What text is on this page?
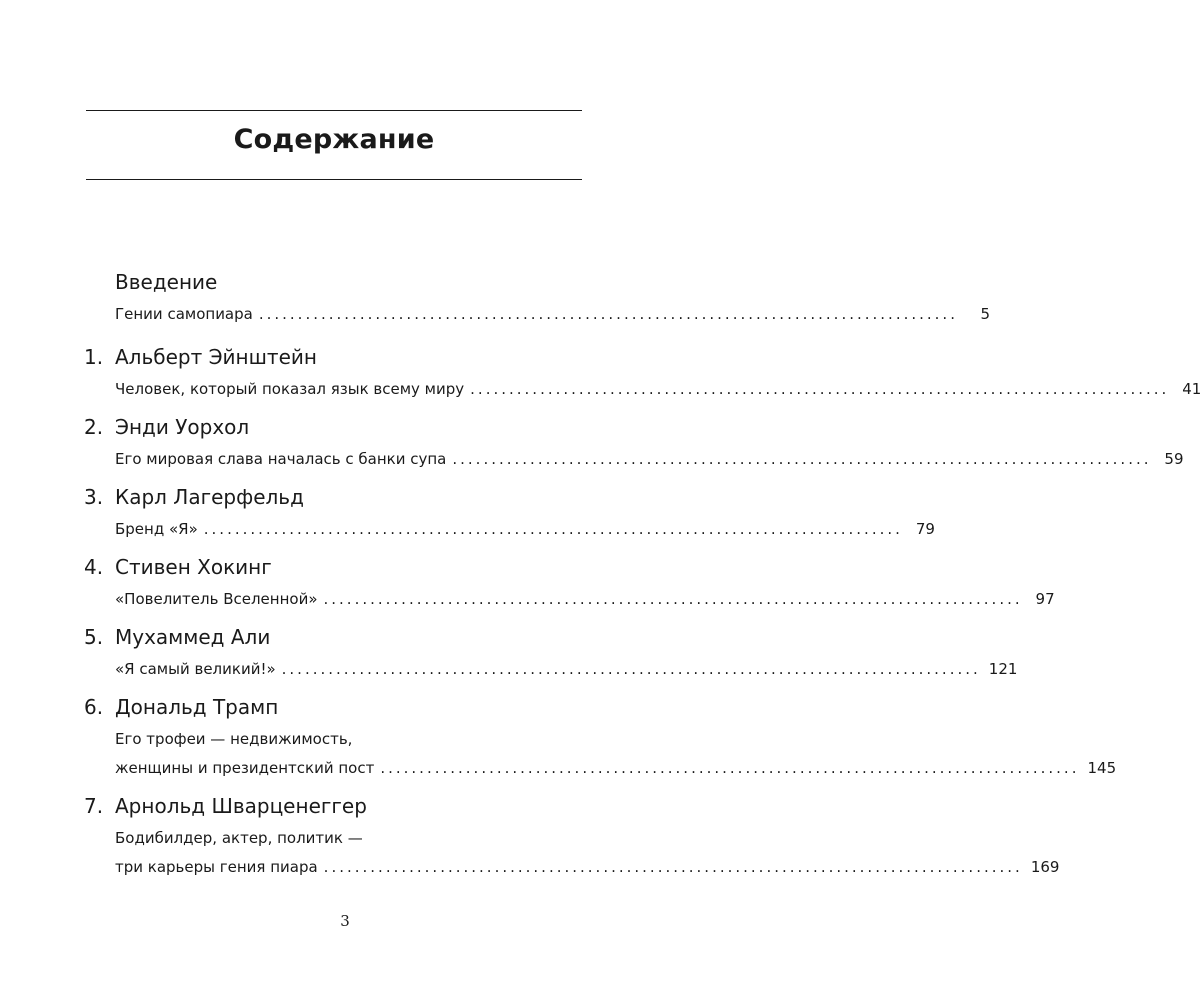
Содержание
Введение
Гении самопиара ..........................................................................................	5
1. Альберт Эйнштейн
Человек, который показал язык всему миру .......................................................................................... 41
2. Энди Уорхол
Его мировая слава началась с банки супа .......................................................................................... 59
3. Карл Лагерфельд
Бренд «Я» .......................................................................................... 79
4. Стивен Хокинг
«Повелитель Вселенной» .......................................................................................... 97
5. Мухаммед Али
«Я самый великий!» .......................................................................................... 121
6. Дональд Трамп
Его трофеи — недвижимость,
женщины и президентский пост .......................................................................................... 145
7. Арнольд Шварценеггер
Бодибилдер, актер, политик —
три карьеры гения пиара .......................................................................................... 169
3
